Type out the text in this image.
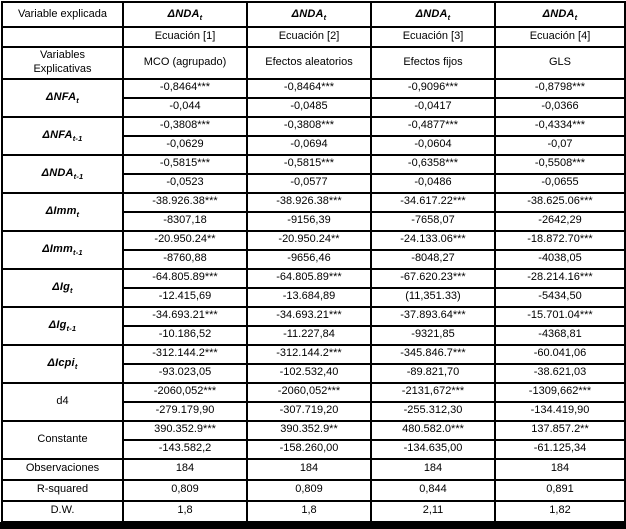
Variable explicada	$\Delta NDA_t$	$\Delta NDA_t$	$\Delta NDA_t$	$\Delta NDA_t$
	Ecuación [1]	Ecuación [2]	Ecuación [3]	Ecuación [4]
Variables Explicativas	MCO (agrupado)	Efectos aleatorios	Efectos fijos	GLS
$\Delta NFA_t$	-0,8464***	-0,8464***	-0,9096***	-0,8798***
	-0,044	-0,0485	-0,0417	-0,0366
$\Delta NFA_{t-1}$	-0,3808***	-0,3808***	-0,4877***	-0,4334***
	-0,0629	-0,0694	-0,0604	-0,07
$\Delta NDA_{t-1}$	-0,5815***	-0,5815***	-0,6358***	-0,5508***
	-0,0523	-0,0577	-0,0486	-0,0655
ΔImm$_t$	-38.926.38***	-38.926.38***	-34.617.22***	-38.625.06***
	-8307,18	-9156,39	-7658,07	-2642,29
ΔImm$_{t-1}$	-20.950.24**	-20.950.24**	-24.133.06***	-18.872.70***
	-8760,88	-9656,46	-8048,27	-4038,05
ΔIg$_t$	-64.805.89***	-64.805.89***	-67.620.23***	-28.214.16***
	-12.415,69	-13.684,89	(11,351.33)	-5434,50
ΔIg$_{t-1}$	-34.693.21***	-34.693.21***	-37.893.64***	-15.701.04***
	-10.186,52	-11.227,84	-9321,85	-4368,81
ΔIcpi$_t$	-312.144.2***	-312.144.2***	-345.846.7***	-60.041,06
	-93.023,05	-102.532,40	-89.821,70	-38.621,03
d4	-2060,052***	-2060,052***	-2131,672***	-1309,662***
	-279.179,90	-307.719,20	-255.312,30	-134.419,90
Constante	390.352.9***	390.352.9**	480.582.0***	137.857.2**
	-143.582,2	-158.260,00	-134.635,00	-61.125,34
Observaciones	184	184	184	184
R-squared	0,809	0,809	0,844	0,891
D.W.	1,8	1,8	2,11	1,82
